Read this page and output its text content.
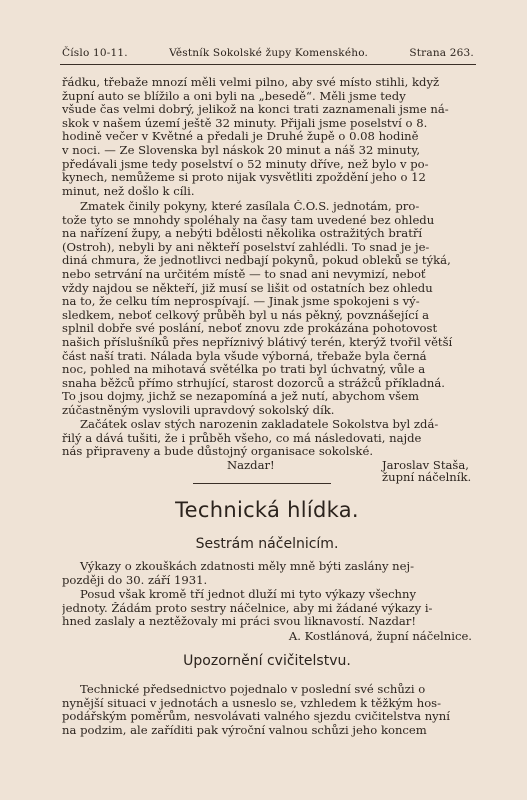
Číslo 10-11.	Věstník Sokolské župy Komenského.	Strana 263.
řádku, třebaže mnozí měli velmi pilno, aby své místo stihli, když
župní auto se blížilo a oni byli na „besedě“. Měli jsme tedy
všude čas velmi dobrý, jelikož na konci trati zaznamenali jsme ná-
skok v našem území ještě 32 minuty. Přijali jsme poselství o 8.
hodině večer v Květné a předali je Druhé župě o 0.08 hodině
v noci. — Ze Slovenska byl náskok 20 minut a náš 32 minuty,
předávali jsme tedy poselství o 52 minuty dříve, než bylo v po-
kynech, nemůžeme si proto nijak vysvětliti zpoždění jeho o 12
minut, než došlo k cíli.
Zmatek činily pokyny, které zasílala Č.O.S. jednotám, pro-
tože tyto se mnohdy spoléhaly na časy tam uvedené bez ohledu
na nařízení župy, a nebýti bdělosti několika ostražitých bratří
(Ostroh), nebyli by ani někteří poselství zahlédli. To snad je je-
diná chmura, že jednotlivci nedbají pokynů, pokud obleků se týká,
nebo setrvání na určitém místě — to snad ani nevymizí, neboť
vždy najdou se někteří, již musí se lišit od ostatních bez ohledu
na to, že celku tím neprospívají. — Jinak jsme spokojeni s vý-
sledkem, neboť celkový průběh byl u nás pěkný, povznášející a
splnil dobře své poslání, neboť znovu zde prokázána pohotovost
našich příslušníků přes nepříznivý blátivý terén, kterýž tvořil větší
část naší trati. Nálada byla všude výborná, třebaže byla černá
noc, pohled na mihotavá světélka po trati byl úchvatný, vůle a
snaha běžců přímo strhující, starost dozorců a strážců příkladná.
To jsou dojmy, jichž se nezapomíná a jež nutí, abychom všem
zúčastněným vyslovili upravdový sokolský dík.
Začátek oslav stých narozenin zakladatele Sokolstva byl zdá-
řilý a dává tušiti, že i průběh všeho, co má následovati, najde
nás připraveny a bude důstojný organisace sokolské.
Nazdar!	Jaroslav Staša,
župní náčelník.
Technická hlídka.
Sestrám náčelnicím.
Výkazy o zkouškách zdatnosti měly mně býti zaslány nej-
později do 30. září 1931.
Posud však kromě tří jednot dluží mi tyto výkazy všechny
jednoty. Žádám proto sestry náčelnice, aby mi žádané výkazy i-
hned zaslaly a neztěžovaly mi práci svou liknavostí. Nazdar!
A. Kostlánová, župní náčelnice.
Upozornění cvičitelstvu.
Technické předsednictvo pojednalo v poslední své schůzi o
nynější situaci v jednotách a usneslo se, vzhledem k těžkým hos-
podářským poměrům, nesvolávati valného sjezdu cvičitelstva nyní
na podzim, ale zaříditi pak výroční valnou schůzi jeho koncem
